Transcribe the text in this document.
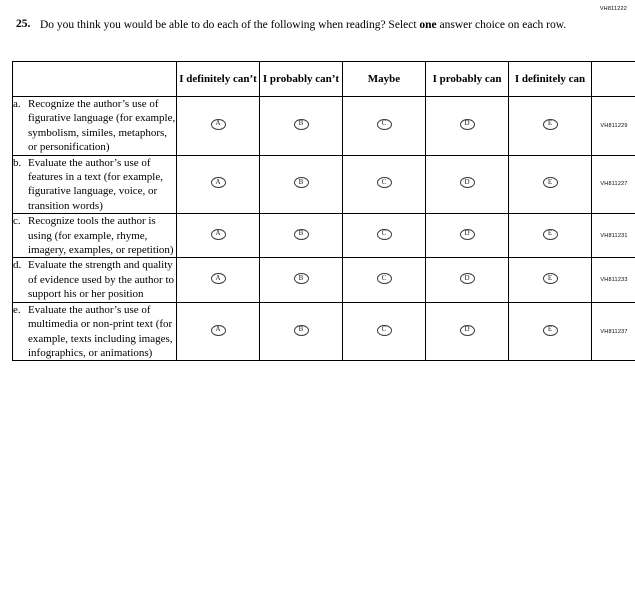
VH811222
25. Do you think you would be able to do each of the following when reading? Select one answer choice on each row.
	I definitely can’t	I probably can’t	Maybe	I probably can	I definitely can	

a. Recognize the author’s use of figurative language (for example, symbolism, similes, metaphors, or personification)	A	B	C	D	E	VH811229

b. Evaluate the author’s use of features in a text (for example, figurative language, voice, or transition words)	A	B	C	D	E	VH811227

c. Recognize tools the author is using (for example, rhyme, imagery, examples, or repetition)	A	B	C	D	E	VH811231

d. Evaluate the strength and quality of evidence used by the author to support his or her position	A	B	C	D	E	VH811233

e. Evaluate the author’s use of multimedia or non-print text (for example, texts including images, infographics, or animations)	A	B	C	D	E	VH811237
